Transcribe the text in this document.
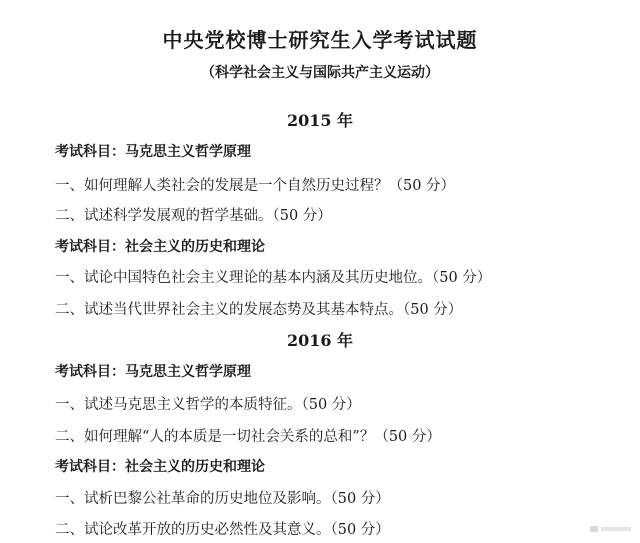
中央党校博士研究生入学考试试题
（科学社会主义与国际共产主义运动）
2015 年
考试科目：马克思主义哲学原理
一、如何理解人类社会的发展是一个自然历史过程？（50 分）
二、试述科学发展观的哲学基础。（50 分）
考试科目：社会主义的历史和理论
一、试论中国特色社会主义理论的基本内涵及其历史地位。（50 分）
二、试述当代世界社会主义的发展态势及其基本特点。（50 分）
2016 年
考试科目：马克思主义哲学原理
一、试述马克思主义哲学的本质特征。（50 分）
二、如何理解“人的本质是一切社会关系的总和”？（50 分）
考试科目：社会主义的历史和理论
一、试析巴黎公社革命的历史地位及影响。（50 分）
二、试论改革开放的历史必然性及其意义。（50 分）
